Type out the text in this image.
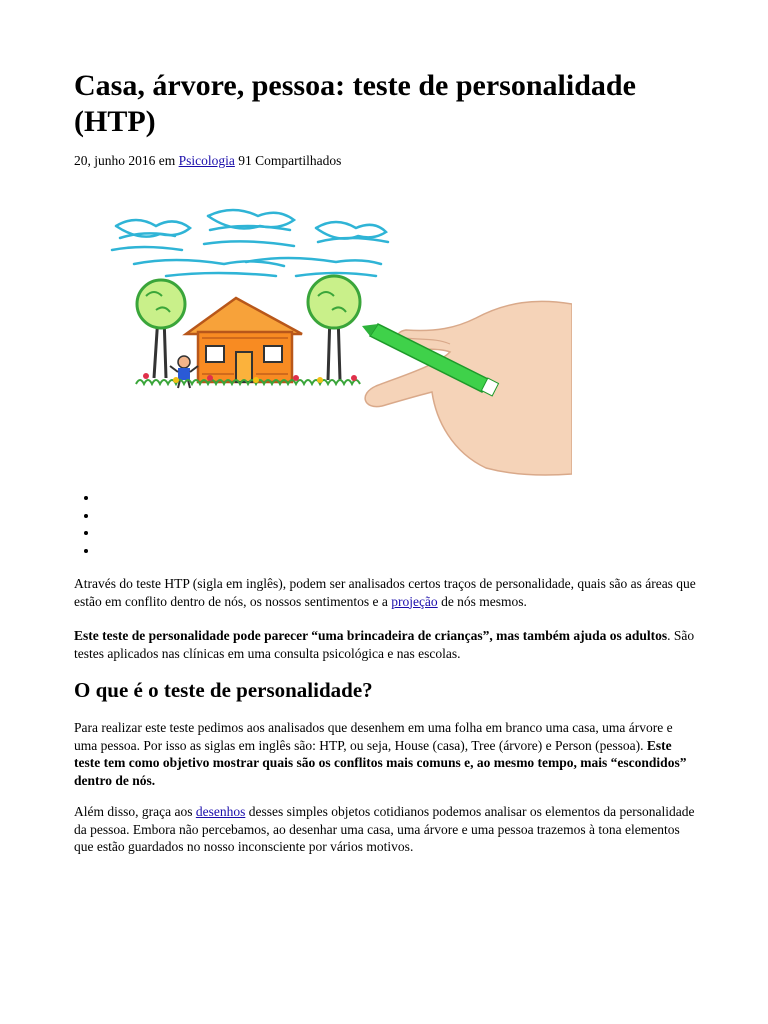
Casa, árvore, pessoa: teste de personalidade (HTP)
20, junho 2016 em Psicologia 91 Compartilhados

Através do teste HTP (sigla em inglês), podem ser analisados certos traços de personalidade, quais são as áreas que estão em conflito dentro de nós, os nossos sentimentos e a projeção de nós mesmos.

Este teste de personalidade pode parecer “uma brincadeira de crianças”, mas também ajuda os adultos. São testes aplicados nas clínicas em uma consulta psicológica e nas escolas.

O que é o teste de personalidade?

Para realizar este teste pedimos aos analisados que desenhem em uma folha em branco uma casa, uma árvore e uma pessoa. Por isso as siglas em inglês são: HTP, ou seja, House (casa), Tree (árvore) e Person (pessoa). Este teste tem como objetivo mostrar quais são os conflitos mais comuns e, ao mesmo tempo, mais “escondidos” dentro de nós.

Além disso, graça aos desenhos desses simples objetos cotidianos podemos analisar os elementos da personalidade da pessoa. Embora não percebamos, ao desenhar uma casa, uma árvore e uma pessoa trazemos à tona elementos que estão guardados no nosso inconsciente por vários motivos.
